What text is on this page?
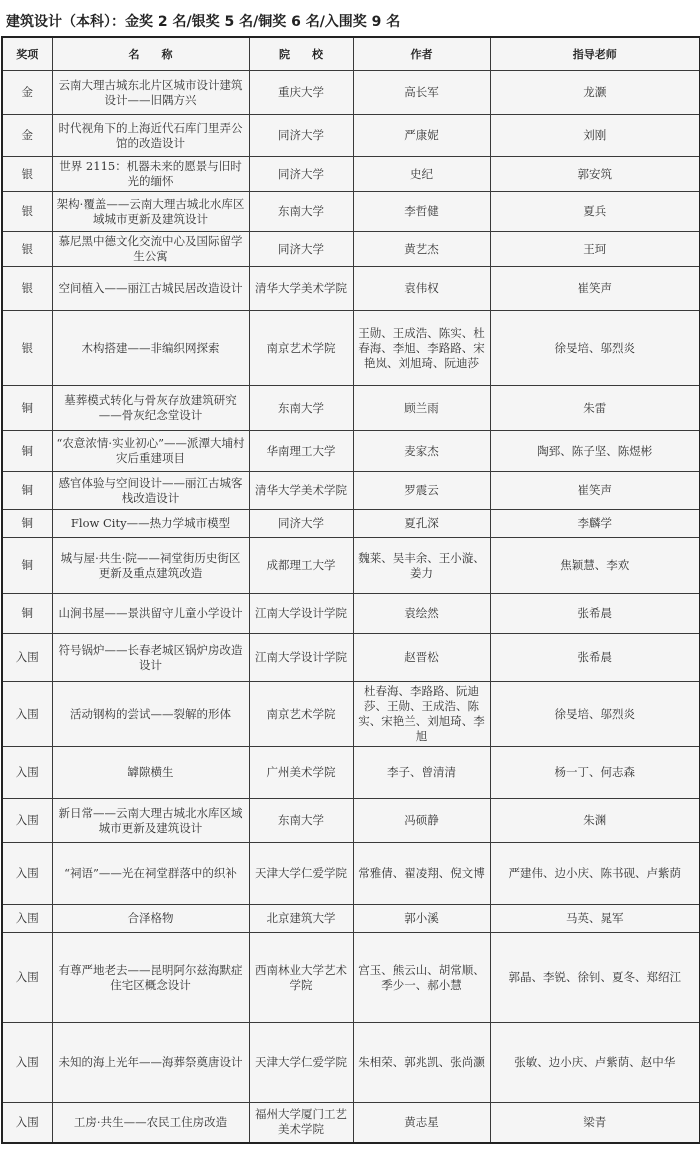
建筑设计（本科）：金奖 2 名/银奖 5 名/铜奖 6 名/入围奖 9 名
奖项	名　　称	院　　校	作者	指导老师
金	云南大理古城东北片区城市设计建筑设计——旧隅方兴	重庆大学	高长军	龙灏
金	时代视角下的上海近代石库门里弄公馆的改造设计	同济大学	严康妮	刘刚
银	世界 2115：机器未来的愿景与旧时光的缅怀	同济大学	史纪	郭安筑
银	架构·覆盖——云南大理古城北水库区域城市更新及建筑设计	东南大学	李哲健	夏兵
银	慕尼黑中德文化交流中心及国际留学生公寓	同济大学	黄艺杰	王珂
银	空间植入——丽江古城民居改造设计	清华大学美术学院	袁伟权	崔笑声
银	木构搭建——非编织网探索	南京艺术学院	王勋、王成浩、陈实、杜春海、李旭、李路路、宋艳岚、刘旭琦、阮迪莎	徐旻培、邬烈炎
铜	墓葬模式转化与骨灰存放建筑研究——骨灰纪念堂设计	东南大学	顾兰雨	朱雷
铜	“农意浓情·实业初心”——派潭大埔村灾后重建项目	华南理工大学	麦家杰	陶郅、陈子坚、陈煜彬
铜	感官体验与空间设计——丽江古城客栈改造设计	清华大学美术学院	罗震云	崔笑声
铜	Flow City——热力学城市模型	同济大学	夏孔深	李麟学
铜	城与屋·共生·院——祠堂街历史街区更新及重点建筑改造	成都理工大学	魏莱、吴丰余、王小漩、姜力	焦颖慧、李欢
铜	山涧书屋——景洪留守儿童小学设计	江南大学设计学院	袁绘然	张希晨
入围	符号锅炉——长春老城区锅炉房改造设计	江南大学设计学院	赵晋松	张希晨
入围	活动钢构的尝试——裂解的形体	南京艺术学院	杜春海、李路路、阮迪莎、王勋、王成浩、陈实、宋艳兰、刘旭琦、李旭	徐旻培、邬烈炎
入围	罅隙横生	广州美术学院	李子、曾清清	杨一丁、何志森
入围	新日常——云南大理古城北水库区域城市更新及建筑设计	东南大学	冯硕静	朱渊
入围	“祠语”——光在祠堂群落中的织补	天津大学仁爱学院	常雅倩、翟凌翔、倪文博	严建伟、边小庆、陈书砚、卢紫荫
入围	合泽格物	北京建筑大学	郭小溪	马英、晁军
入围	有尊严地老去——昆明阿尔兹海默症住宅区概念设计	西南林业大学艺术学院	宫玉、熊云山、胡常顺、季少一、郝小慧	郭晶、李锐、徐钊、夏冬、郑绍江
入围	未知的海上光年——海葬祭奠唐设计	天津大学仁爱学院	朱相荣、郭兆凯、张尚灏	张敏、边小庆、卢紫荫、赵中华
入围	工房·共生——农民工住房改造	福州大学厦门工艺美术学院	黄志星	梁青
